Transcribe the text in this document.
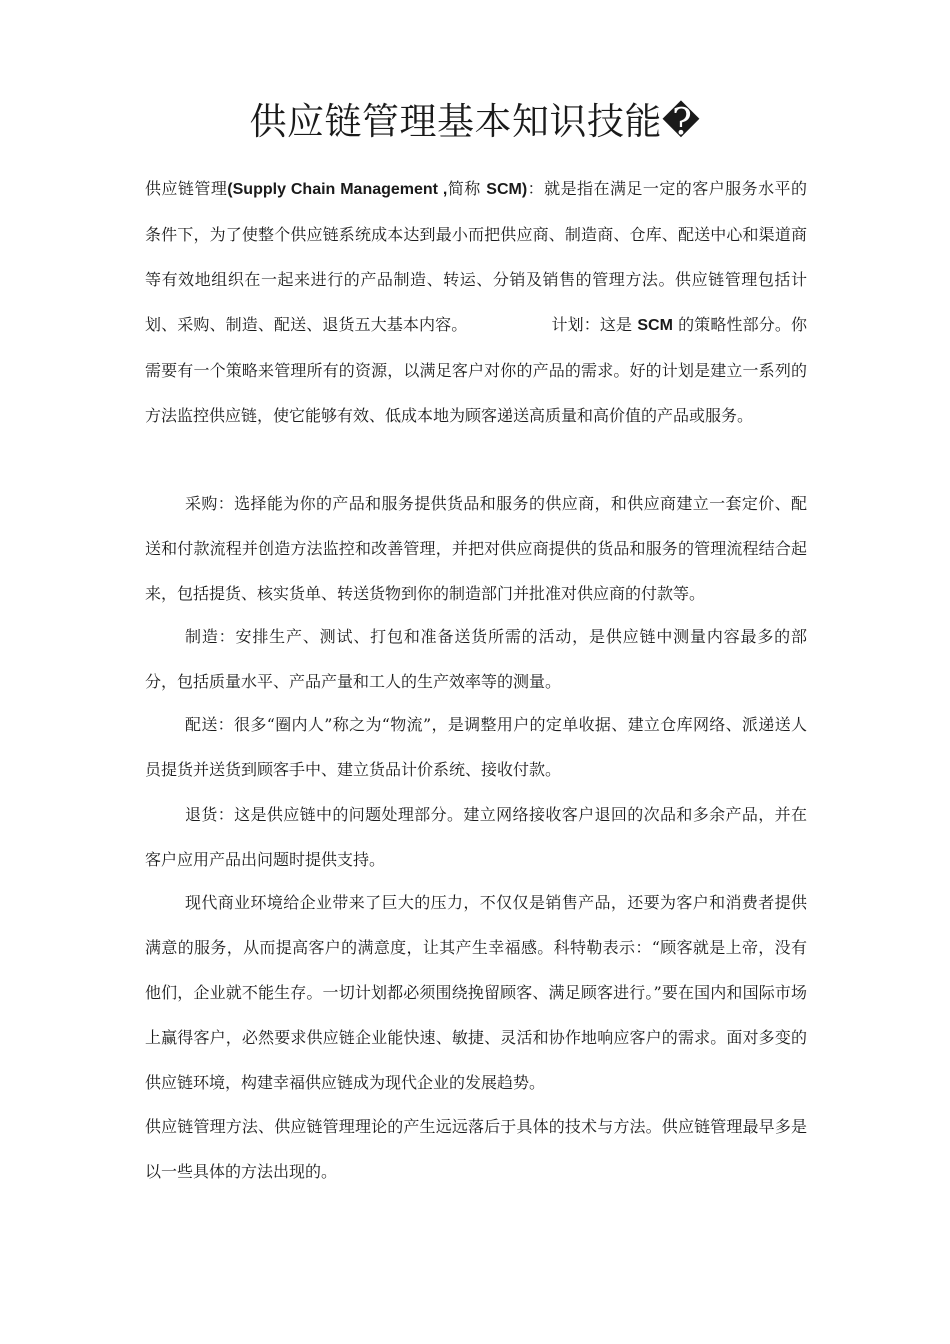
供应链管理基本知识技能�

供应链管理(Supply Chain Management ,简称 SCM)：就是指在满足一定的客户服务水平的条件下，为了使整个供应链系统成本达到最小而把供应商、制造商、仓库、配送中心和渠道商等有效地组织在一起来进行的产品制造、转运、分销及销售的管理方法。供应链管理包括计划、采购、制造、配送、退货五大基本内容。	计划：这是 SCM 的策略性部分。你需要有一个策略来管理所有的资源，以满足客户对你的产品的需求。好的计划是建立一系列的方法监控供应链，使它能够有效、低成本地为顾客递送高质量和高价值的产品或服务。

采购：选择能为你的产品和服务提供货品和服务的供应商，和供应商建立一套定价、配送和付款流程并创造方法监控和改善管理，并把对供应商提供的货品和服务的管理流程结合起来，包括提货、核实货单、转送货物到你的制造部门并批准对供应商的付款等。

制造：安排生产、测试、打包和准备送货所需的活动，是供应链中测量内容最多的部分，包括质量水平、产品产量和工人的生产效率等的测量。

配送：很多“圈内人”称之为“物流”，是调整用户的定单收据、建立仓库网络、派递送人员提货并送货到顾客手中、建立货品计价系统、接收付款。

退货：这是供应链中的问题处理部分。建立网络接收客户退回的次品和多余产品，并在客户应用产品出问题时提供支持。

现代商业环境给企业带来了巨大的压力，不仅仅是销售产品，还要为客户和消费者提供满意的服务，从而提高客户的满意度，让其产生幸福感。科特勒表示：“顾客就是上帝，没有他们，企业就不能生存。一切计划都必须围绕挽留顾客、满足顾客进行。”要在国内和国际市场上赢得客户，必然要求供应链企业能快速、敏捷、灵活和协作地响应客户的需求。面对多变的供应链环境，构建幸福供应链成为现代企业的发展趋势。

供应链管理方法、供应链管理理论的产生远远落后于具体的技术与方法。供应链管理最早多是以一些具体的方法出现的。
